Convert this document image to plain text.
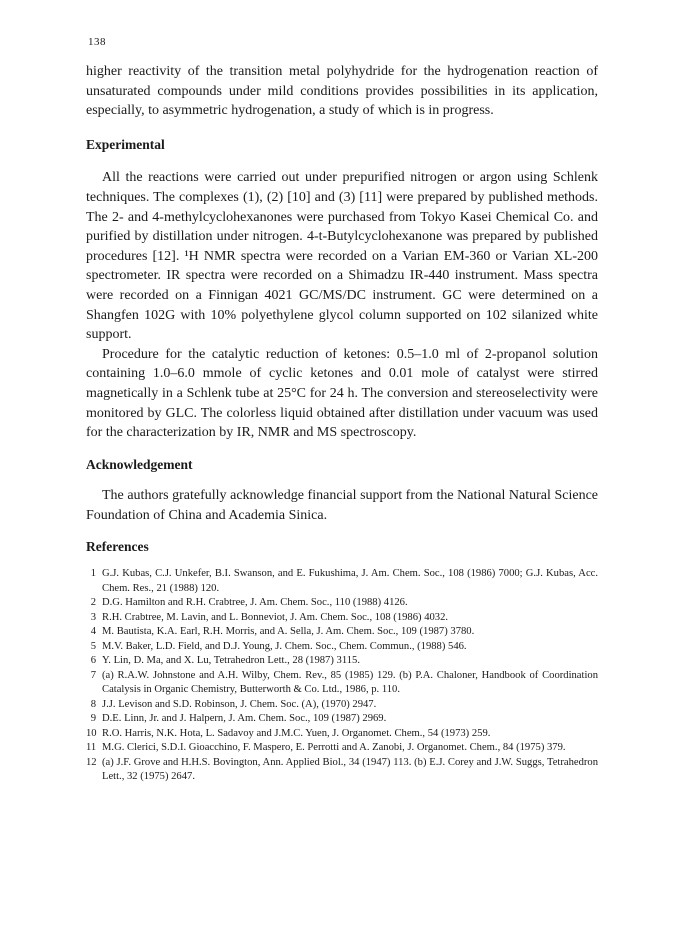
138

higher reactivity of the transition metal polyhydride for the hydrogenation reaction of unsaturated compounds under mild conditions provides possibilities in its application, especially, to asymmetric hydrogenation, a study of which is in progress.

Experimental

All the reactions were carried out under prepurified nitrogen or argon using Schlenk techniques. The complexes (1), (2) [10] and (3) [11] were prepared by published methods. The 2- and 4-methylcyclohexanones were purchased from Tokyo Kasei Chemical Co. and purified by distillation under nitrogen. 4-t-Butylcyclohexanone was prepared by published procedures [12]. ¹H NMR spectra were recorded on a Varian EM-360 or Varian XL-200 spectrometer. IR spectra were recorded on a Shimadzu IR-440 instrument. Mass spectra were recorded on a Finnigan 4021 GC/MS/DC instrument. GC were determined on a Shangfen 102G with 10% polyethylene glycol column supported on 102 silanized white support.

Procedure for the catalytic reduction of ketones: 0.5–1.0 ml of 2-propanol solution containing 1.0–6.0 mmole of cyclic ketones and 0.01 mole of catalyst were stirred magnetically in a Schlenk tube at 25°C for 24 h. The conversion and stereoselectivity were monitored by GLC. The colorless liquid obtained after distillation under vacuum was used for the characterization by IR, NMR and MS spectroscopy.

Acknowledgement

The authors gratefully acknowledge financial support from the National Natural Science Foundation of China and Academia Sinica.

References
1 G.J. Kubas, C.J. Unkefer, B.I. Swanson, and E. Fukushima, J. Am. Chem. Soc., 108 (1986) 7000; G.J. Kubas, Acc. Chem. Res., 21 (1988) 120.
2 D.G. Hamilton and R.H. Crabtree, J. Am. Chem. Soc., 110 (1988) 4126.
3 R.H. Crabtree, M. Lavin, and L. Bonneviot, J. Am. Chem. Soc., 108 (1986) 4032.
4 M. Bautista, K.A. Earl, R.H. Morris, and A. Sella, J. Am. Chem. Soc., 109 (1987) 3780.
5 M.V. Baker, L.D. Field, and D.J. Young, J. Chem. Soc., Chem. Commun., (1988) 546.
6 Y. Lin, D. Ma, and X. Lu, Tetrahedron Lett., 28 (1987) 3115.
7 (a) R.A.W. Johnstone and A.H. Wilby, Chem. Rev., 85 (1985) 129. (b) P.A. Chaloner, Handbook of Coordination Catalysis in Organic Chemistry, Butterworth & Co. Ltd., 1986, p. 110.
8 J.J. Levison and S.D. Robinson, J. Chem. Soc. (A), (1970) 2947.
9 D.E. Linn, Jr. and J. Halpern, J. Am. Chem. Soc., 109 (1987) 2969.
10 R.O. Harris, N.K. Hota, L. Sadavoy and J.M.C. Yuen, J. Organomet. Chem., 54 (1973) 259.
11 M.G. Clerici, S.D.I. Gioacchino, F. Maspero, E. Perrotti and A. Zanobi, J. Organomet. Chem., 84 (1975) 379.
12 (a) J.F. Grove and H.H.S. Bovington, Ann. Applied Biol., 34 (1947) 113. (b) E.J. Corey and J.W. Suggs, Tetrahedron Lett., 32 (1975) 2647.
